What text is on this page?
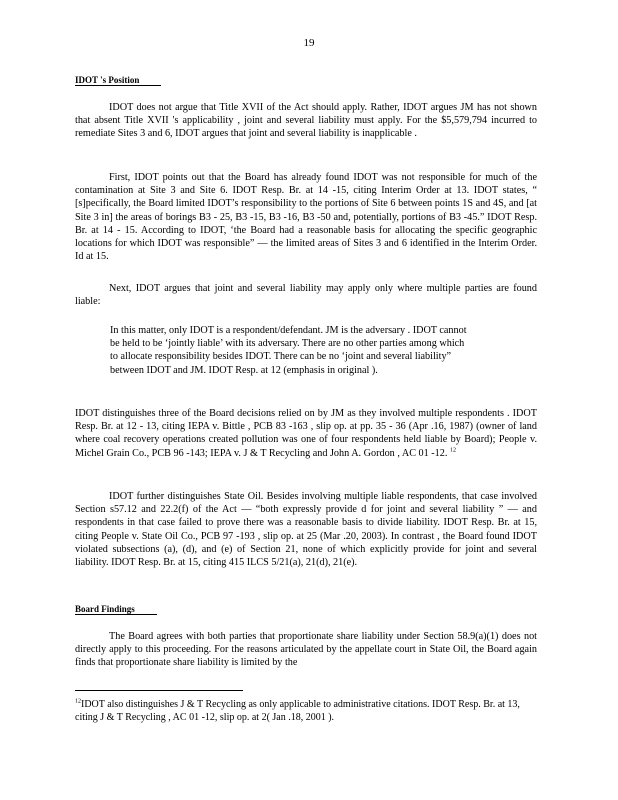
19
IDOT 's Position

IDOT does not argue that Title XVII of the Act should apply. Rather, IDOT argues JM has not shown that absent Title XVII 's applicability , joint and several liability must apply. For the $5,579,794 incurred to remediate Sites 3 and 6, IDOT argues that joint and several liability is inapplicable .

First, IDOT points out that the Board has already found IDOT was not responsible for much of the contamination at Site 3 and Site 6. IDOT Resp. Br. at 14 -15, citing Interim Order at 13. IDOT states, “ [s]pecifically, the Board limited IDOT’s responsibility to the portions of Site 6 between points 1S and 4S, and [at Site 3 in] the areas of borings B3 - 25, B3 -15, B3 -16, B3 -50 and, potentially, portions of B3 -45.” IDOT Resp. Br. at 14 - 15. According to IDOT, ‘the Board had a reasonable basis for allocating the specific geographic locations for which IDOT was responsible” — the limited areas of Sites 3 and 6 identified in the Interim Order. Id at 15.

Next, IDOT argues that joint and several liability may apply only where multiple parties are found liable:

In this matter, only IDOT is a respondent/defendant. JM is the adversary . IDOT cannot be held to be ‘jointly liable’ with its adversary. There are no other parties among which to allocate responsibility besides IDOT. There can be no ‘joint and several liability” between IDOT and JM. IDOT Resp. at 12 (emphasis in original ).

IDOT distinguishes three of the Board decisions relied on by JM as they involved multiple respondents . IDOT Resp. Br. at 12 - 13, citing IEPA v. Bittle , PCB 83 -163 , slip op. at pp. 35 - 36 (Apr .16, 1987) (owner of land where coal recovery operations created pollution was one of four respondents held liable by Board); People v. Michel Grain Co., PCB 96 -143; IEPA v. J & T Recycling and John A. Gordon , AC 01 -12. $^{12}$

IDOT further distinguishes State Oil. Besides involving multiple liable respondents, that case involved Section s57.12 and 22.2(f) of the Act — “both expressly provide d for joint and several liability ” — and respondents in that case failed to prove there was a reasonable basis to divide liability. IDOT Resp. Br. at 15, citing People v. State Oil Co., PCB 97 -193 , slip op. at 25 (Mar .20, 2003). In contrast , the Board found IDOT violated subsections (a), (d), and (e) of Section 21, none of which explicitly provide for joint and several liability. IDOT Resp. Br. at 15, citing 415 ILCS 5/21(a), 21(d), 21(e).

Board Findings

The Board agrees with both parties that proportionate share liability under Section 58.9(a)(1) does not directly apply to this proceeding. For the reasons articulated by the appellate court in State Oil, the Board again finds that proportionate share liability is limited by the

$^{12}$IDOT also distinguishes J & T Recycling as only applicable to administrative citations. IDOT Resp. Br. at 13, citing J & T Recycling , AC 01 -12, slip op. at 2( Jan .18, 2001 ).
